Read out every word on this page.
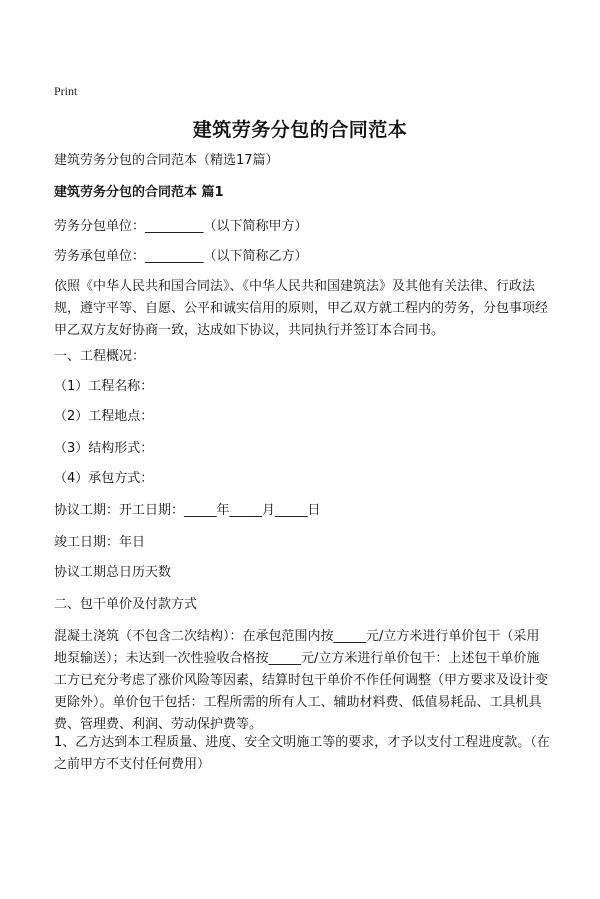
Print
建筑劳务分包的合同范本
建筑劳务分包的合同范本（精选17篇）
建筑劳务分包的合同范本 篇1
劳务分包单位：_________（以下简称甲方）
劳务承包单位：_________（以下简称乙方）
依照《中华人民共和国合同法》、《中华人民共和国建筑法》及其他有关法律、行政法规，遵守平等、自愿、公平和诚实信用的原则，甲乙双方就工程内的劳务，分包事项经甲乙双方友好协商一致，达成如下协议，共同执行并签订本合同书。
一、工程概况：
（1）工程名称：
（2）工程地点：
（3）结构形式：
（4）承包方式：
协议工期：开工日期：_____年_____月_____日
竣工日期：年日
协议工期总日历天数
二、包干单价及付款方式
混凝土浇筑（不包含二次结构）：在承包范围内按_____元/立方米进行单价包干（采用地泵输送）；未达到一次性验收合格按_____元/立方米进行单价包干：上述包干单价施工方已充分考虑了涨价风险等因素，结算时包干单价不作任何调整（甲方要求及设计变更除外）。单价包干包括：工程所需的所有人工、辅助材料费、低值易耗品、工具机具费、管理费、利润、劳动保护费等。
1、乙方达到本工程质量、进度、安全文明施工等的要求，才予以支付工程进度款。（在之前甲方不支付任何费用）
